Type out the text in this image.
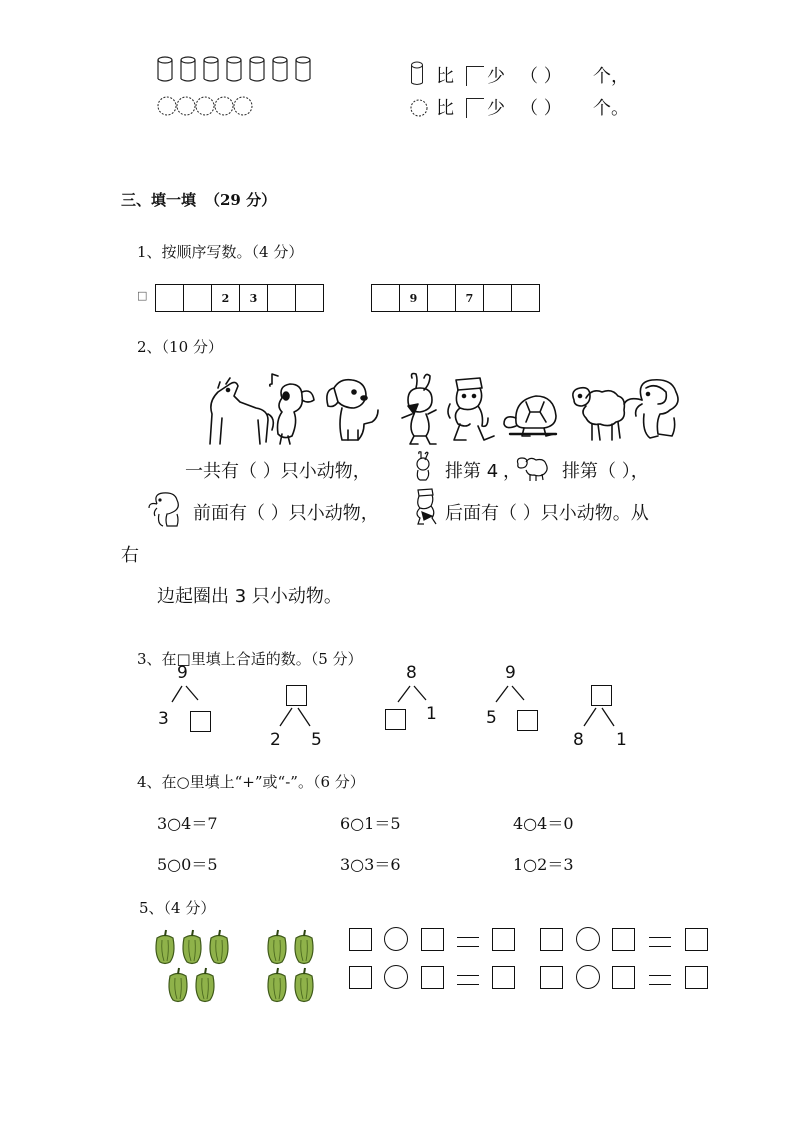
比 少 （ ） 个，
比 少 （ ） 个。
三、填一填 （29 分）
1、按顺序写数。（4 分）
□	2	3	9	7
2、（10 分）
一共有（ ）只小动物，	排第 4 ， 排第（ ），
前面有（ ）只小动物，	后面有（ ）只小动物。从
右
边起圈出 3 只小动物。
3、在□里填上合适的数。（5 分）
9
3
2 5
8
1
9
5
8 1
4、在○里填上“+”或“-”。（6 分）
3○4＝7	6○1＝5	4○4＝0
5○0＝5	3○3＝6	1○2＝3
5、（4 分）
